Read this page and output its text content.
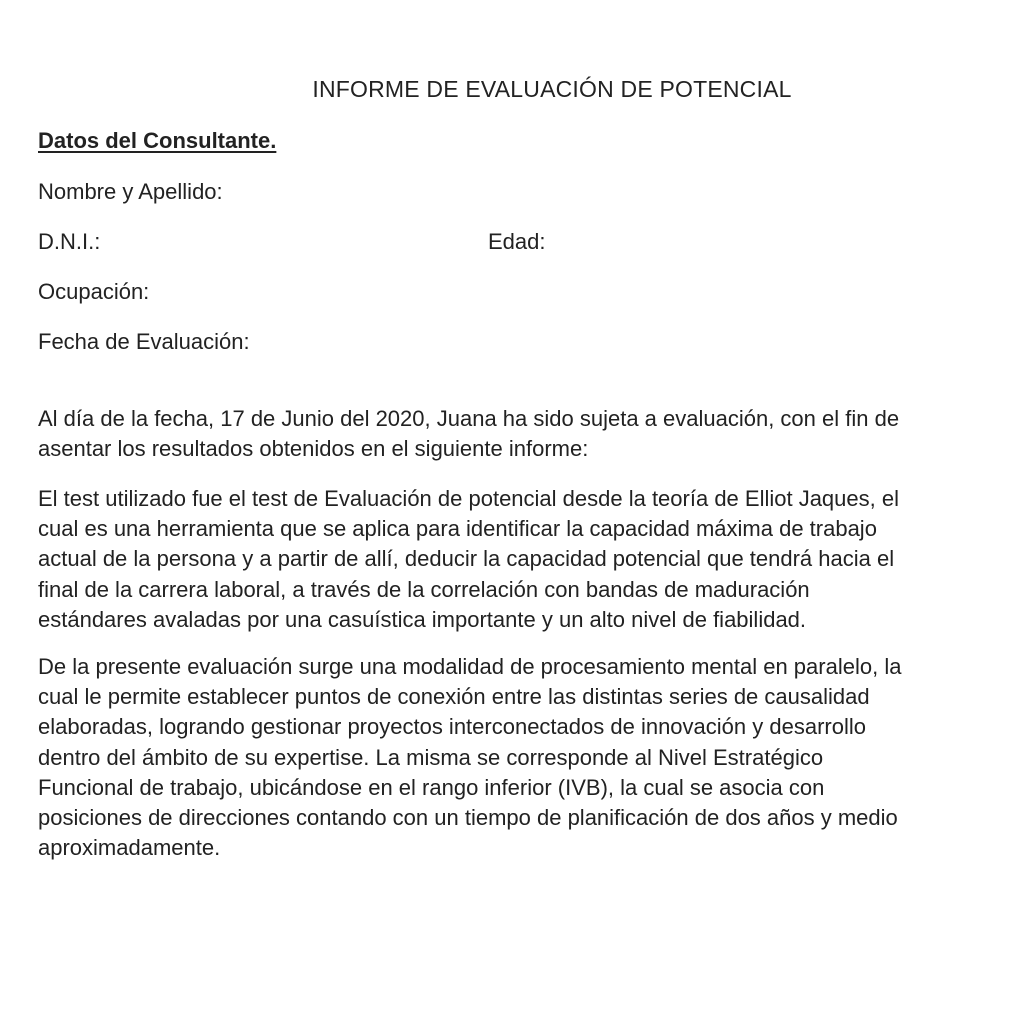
INFORME DE EVALUACIÓN DE POTENCIAL
Datos del Consultante.
Nombre y Apellido:
D.N.I.:	Edad:
Ocupación:
Fecha de Evaluación:

Al día de la fecha, 17 de Junio del 2020, Juana ha sido sujeta a evaluación, con el fin de
asentar los resultados obtenidos en el siguiente informe:

El test utilizado fue el test de Evaluación de potencial desde la teoría de Elliot Jaques, el
cual es una herramienta que se aplica para identificar la capacidad máxima de trabajo
actual de la persona y a partir de allí, deducir la capacidad potencial que tendrá hacia el
final de la carrera laboral, a través de la correlación con bandas de maduración
estándares avaladas por una casuística importante y un alto nivel de fiabilidad.

De la presente evaluación surge una modalidad de procesamiento mental en paralelo, la
cual le permite establecer puntos de conexión entre las distintas series de causalidad
elaboradas, logrando gestionar proyectos interconectados de innovación y desarrollo
dentro del ámbito de su expertise. La misma se corresponde al Nivel Estratégico
Funcional de trabajo, ubicándose en el rango inferior (IVB), la cual se asocia con
posiciones de direcciones contando con un tiempo de planificación de dos años y medio
aproximadamente.
